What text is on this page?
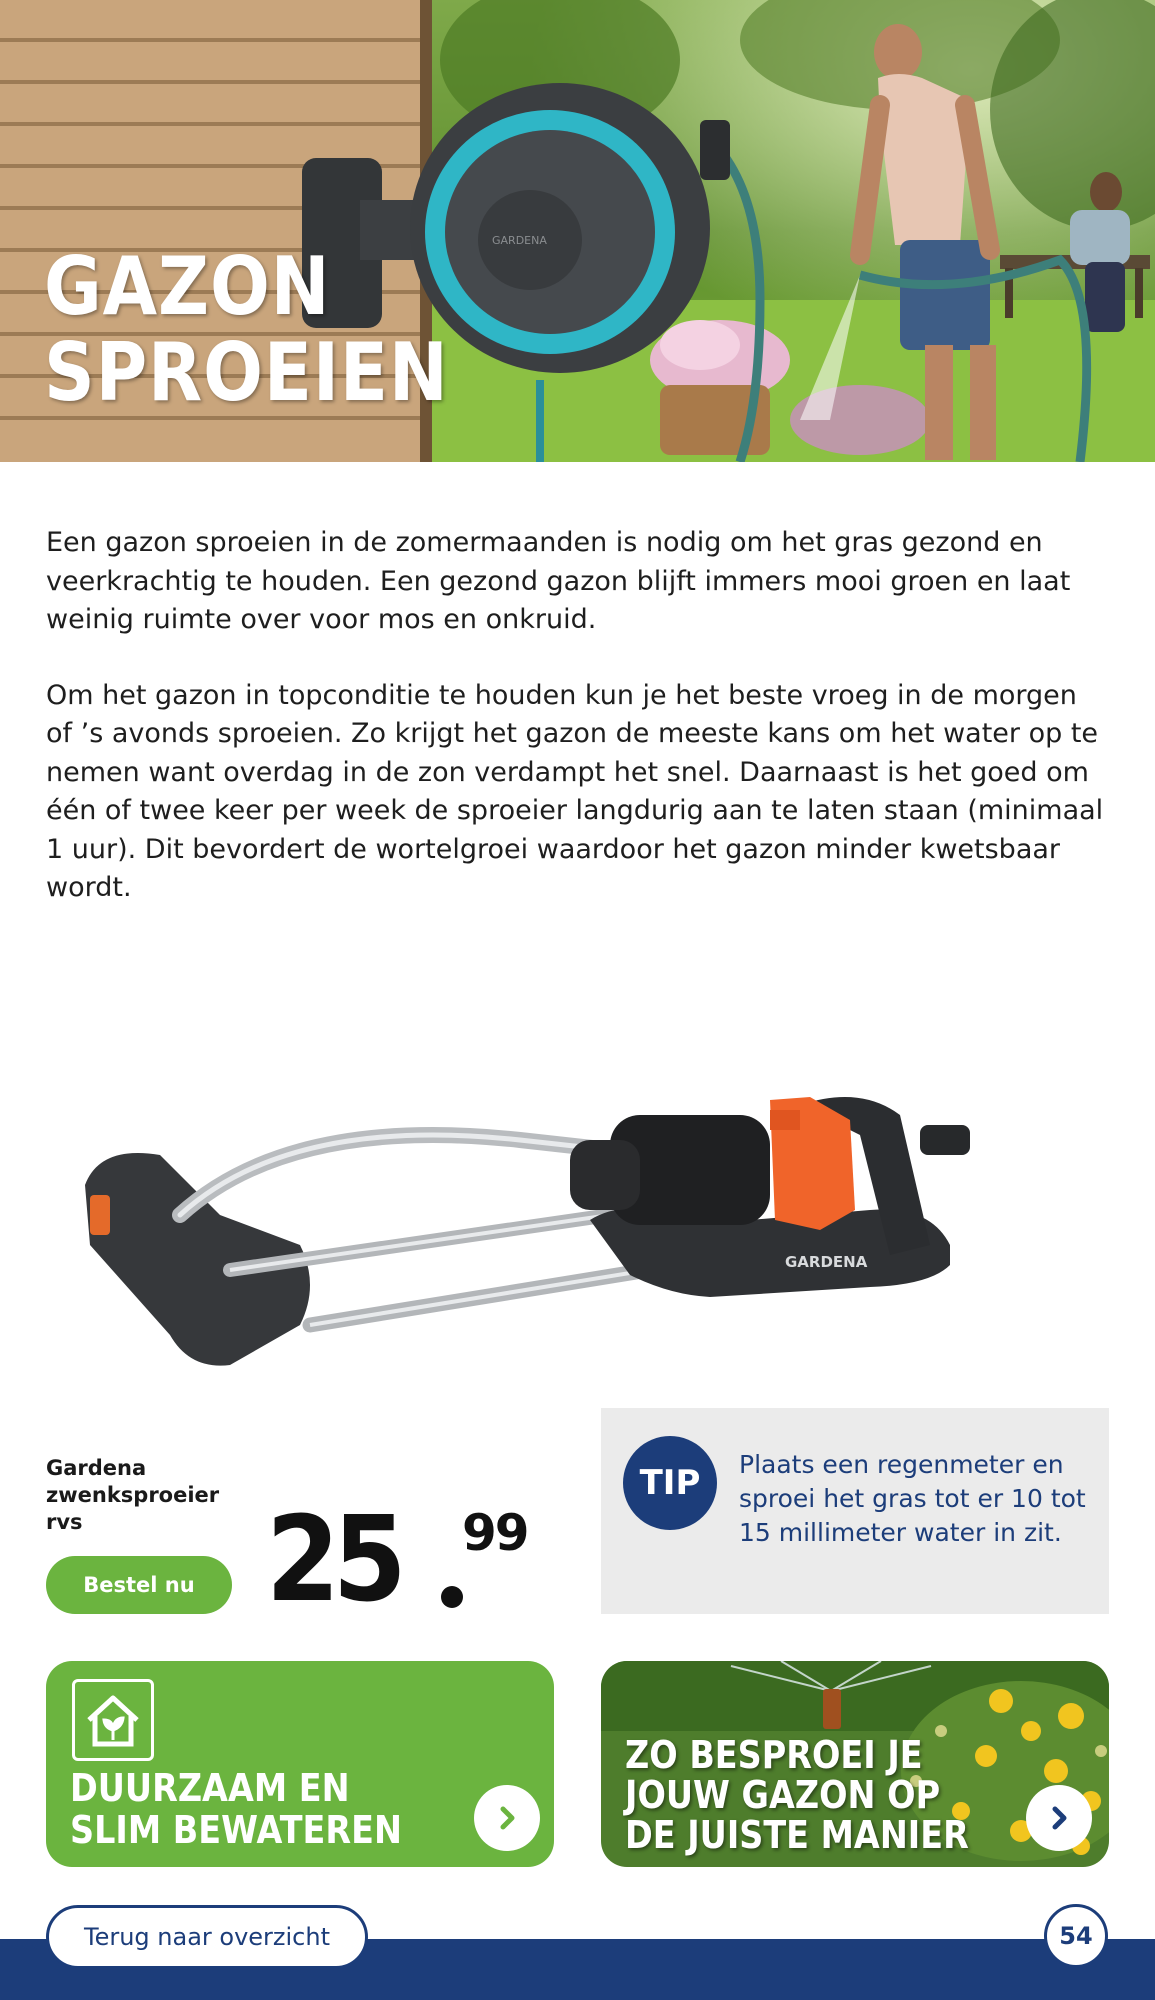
GARDENA
GAZON
SPROEIEN

Een gazon sproeien in de zomermaanden is nodig om het gras gezond en veerkrachtig te houden. Een gezond gazon blijft immers mooi groen en laat weinig ruimte over voor mos en onkruid.

Om het gazon in topconditie te houden kun je het beste vroeg in de morgen of ’s avonds sproeien. Zo krijgt het gazon de meeste kans om het water op te nemen want overdag in de zon verdampt het snel. Daarnaast is het goed om één of twee keer per week de sproeier langdurig aan te laten staan (minimaal 1 uur). Dit bevordert de wortelgroei waardoor het gazon minder kwetsbaar wordt.

GARDENA
Gardena
zwenksproeier
rvs
Bestel nu 25 99
TIP	Plaats een regenmeter en sproei het gras tot er 10 tot 15 millimeter water in zit.
DUURZAAM EN
SLIM BEWATEREN
ZO BESPROEI JE
JOUW GAZON OP
DE JUISTE MANIER
Terug naar overzicht	54
